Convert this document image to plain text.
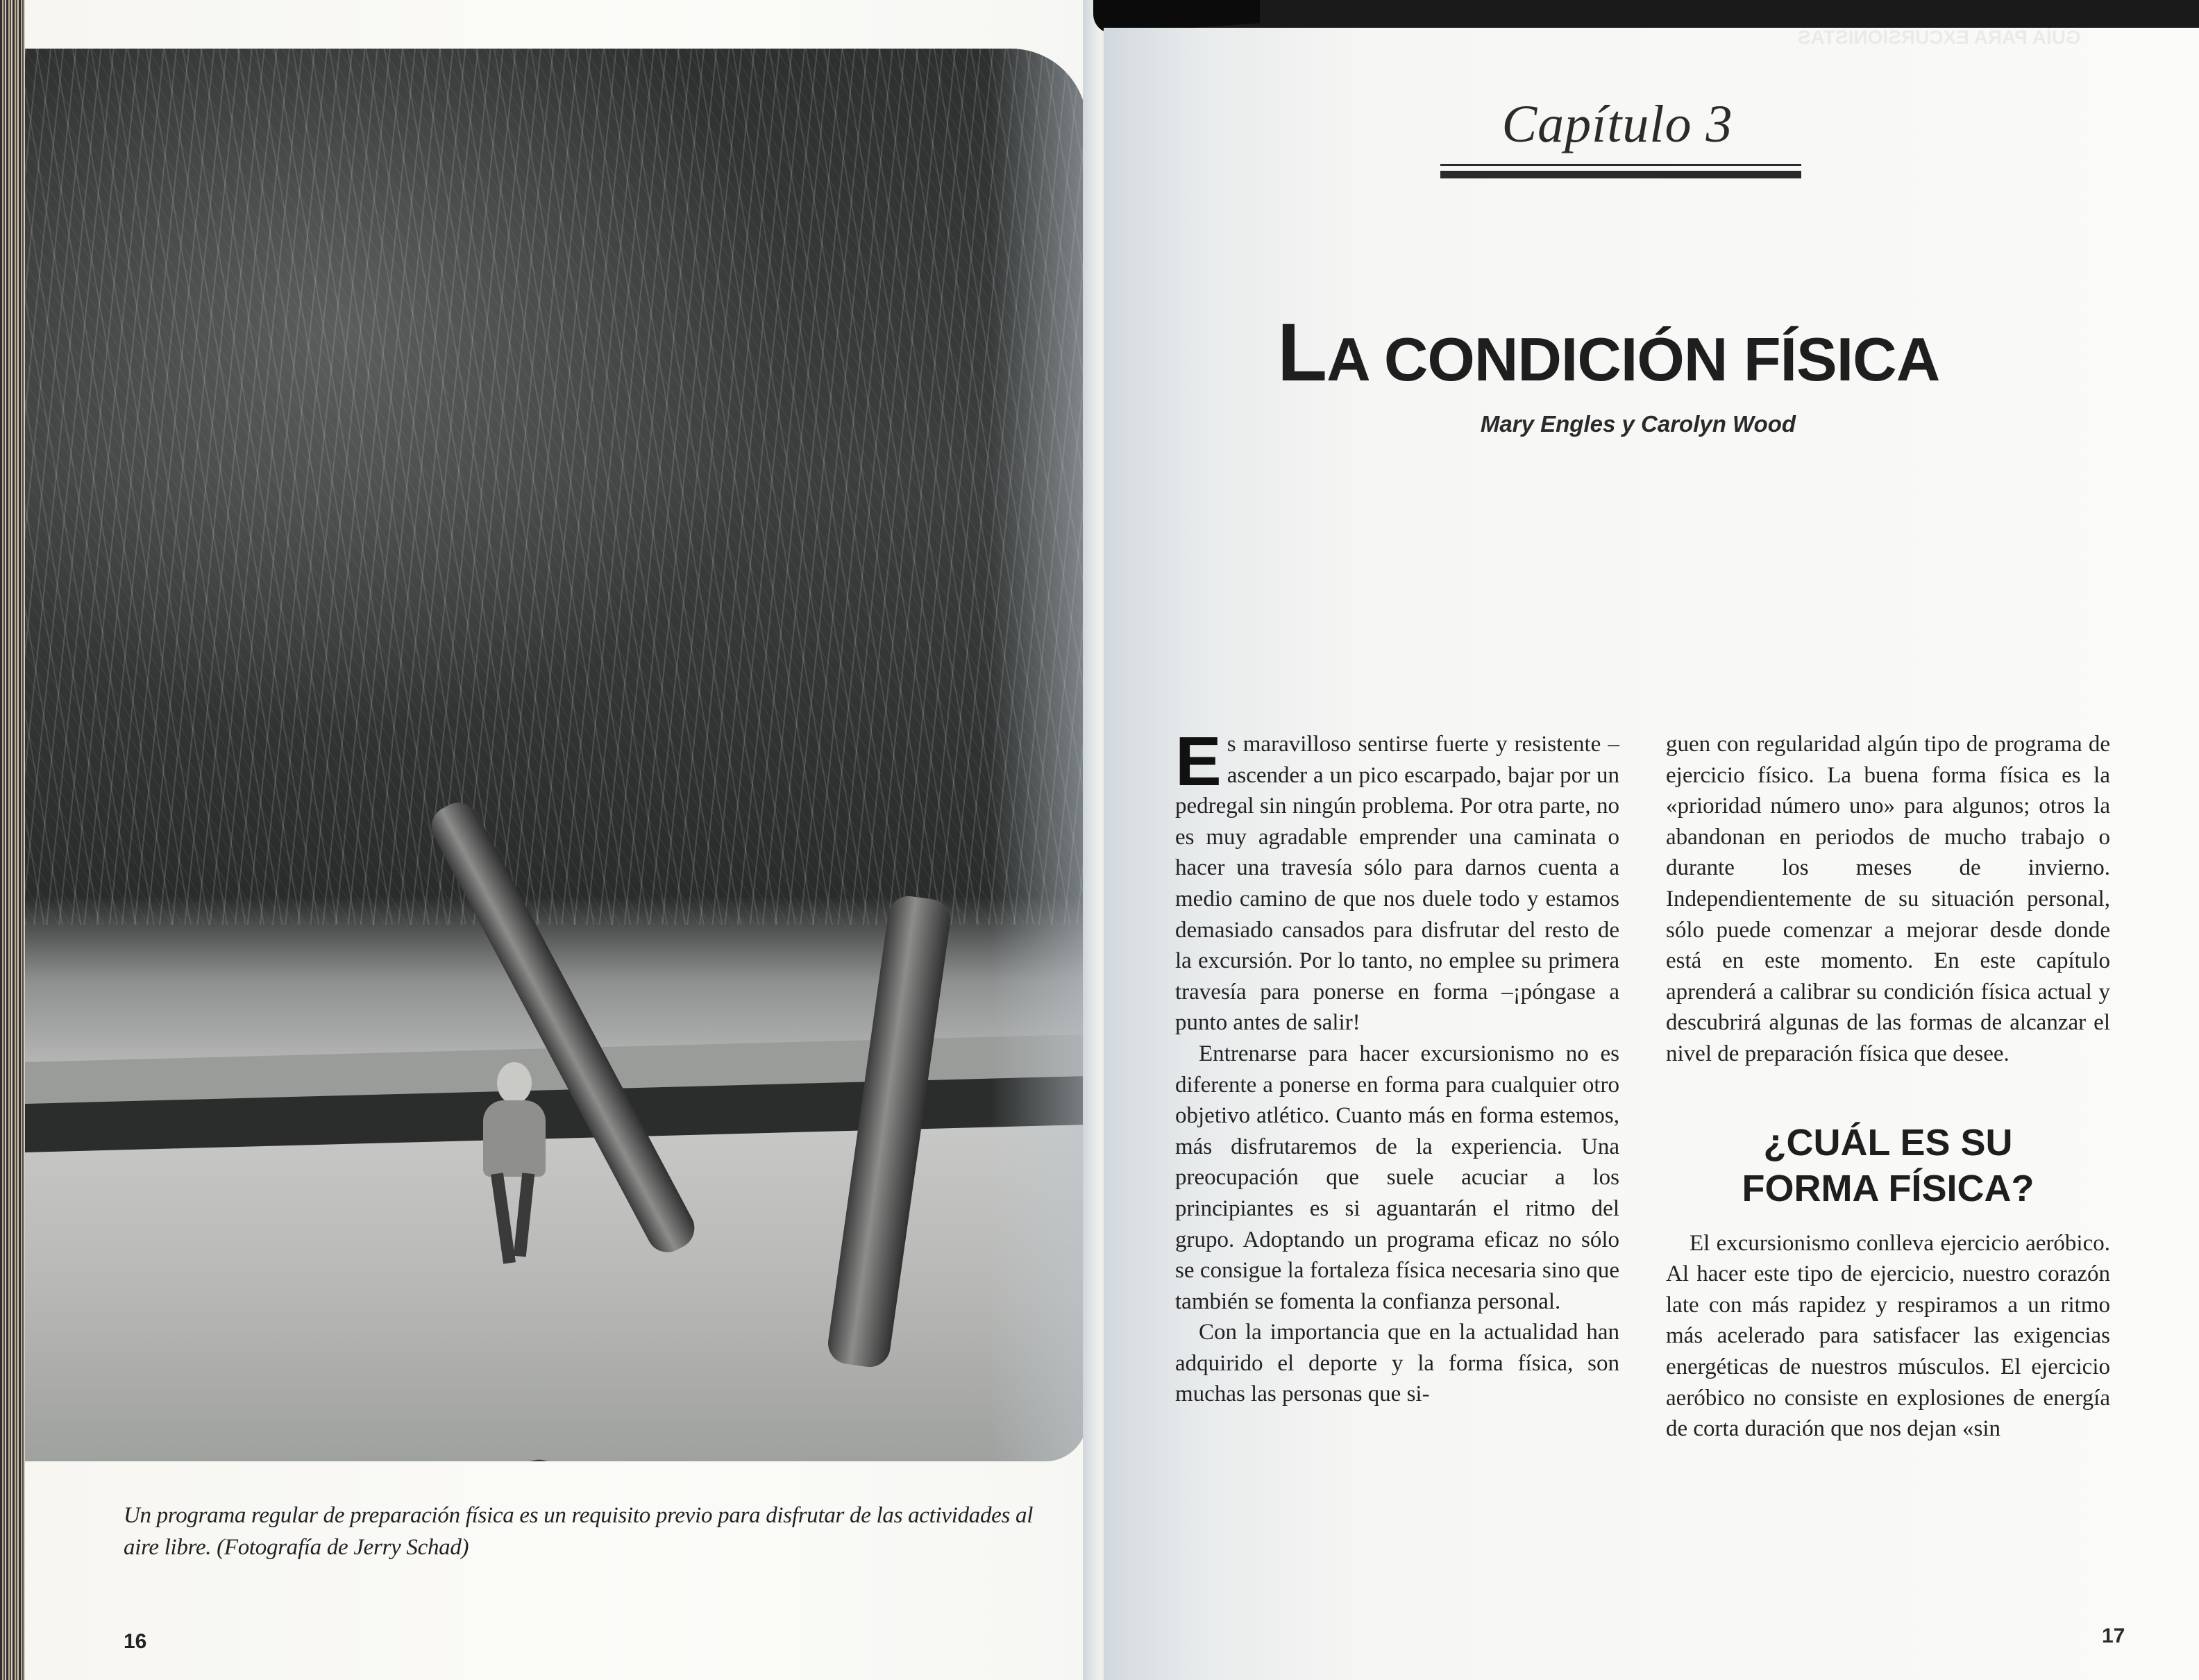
Un programa regular de preparación física es un requisito previo para disfrutar de las actividades al aire libre. (Fotografía de Jerry Schad)
16
GUÍA PARA EXCURSIONISTAS
Capítulo 3
LA CONDICIÓN FÍSICA
Mary Engles y Carolyn Wood

Es maravilloso sentirse fuerte y resistente –ascender a un pico escarpado, bajar por un pedregal sin ningún problema. Por otra parte, no es muy agradable emprender una caminata o hacer una travesía sólo para darnos cuenta a medio camino de que nos duele todo y estamos demasiado cansados para disfrutar del resto de la excursión. Por lo tanto, no emplee su primera travesía para ponerse en forma –¡póngase a punto antes de salir!

Entrenarse para hacer excursionismo no es diferente a ponerse en forma para cualquier otro objetivo atlético. Cuanto más en forma estemos, más disfrutaremos de la experiencia. Una preocupación que suele acuciar a los principiantes es si aguantarán el ritmo del grupo. Adoptando un programa eficaz no sólo se consigue la fortaleza física necesaria sino que también se fomenta la confianza personal.

Con la importancia que en la actualidad han adquirido el deporte y la forma física, son muchas las personas que si-

guen con regularidad algún tipo de programa de ejercicio físico. La buena forma física es la «prioridad número uno» para algunos; otros la abandonan en periodos de mucho trabajo o durante los meses de invierno. Independientemente de su situación personal, sólo puede comenzar a mejorar desde donde está en este momento. En este capítulo aprenderá a calibrar su condición física actual y descubrirá algunas de las formas de alcanzar el nivel de preparación física que desee.

¿CUÁL ES SU
FORMA FÍSICA?

El excursionismo conlleva ejercicio aeróbico. Al hacer este tipo de ejercicio, nuestro corazón late con más rapidez y respiramos a un ritmo más acelerado para satisfacer las exigencias energéticas de nuestros músculos. El ejercicio aeróbico no consiste en explosiones de energía de corta duración que nos dejan «sin

17
